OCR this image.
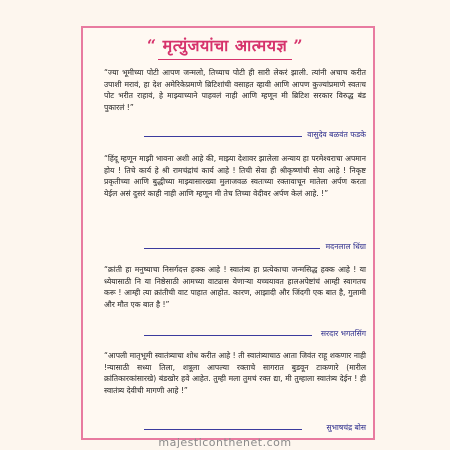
“ मृत्युंजयांचा आत्मयज्ञ ”
“ज्या भूमीच्या पोटी आपण जन्मलो, तिच्याच पोटी ही सारी लेकरं झाली. त्यांनी अचाच करीत उपाशी मरावं, हा देश अमेरिकेप्रमाणे ब्रिटिशांची वसाहत व्हावी आणि आपण कुज्यांप्रमाणे स्वतःच पोट भरीत राहावं, हे माझ्याच्याने पाहवलं नाही आणि म्हणून मी ब्रिटिश सरकार विरुद्ध बंड पुकारलं !”
वासुदेव बळवंत फडके
“हिंदू म्हणून माझी भावना अशी आहे की, माझ्या देशावर झालेला अन्याय हा परमेश्वराचा अपमान होय ! तिचे कार्य हे श्री रामचंद्रांचं कार्य आहे ! तिची सेवा ही श्रीकृष्णांची सेवा आहे ! निकृष्ट प्रकृतीच्या आणि बुद्धीच्या माझ्यासारख्या मुलाजवळ स्वतःच्या रक्तावाचून मातेला अर्पण करता येईल असं दुसरं काही नाही आणि म्हणून मी तेच तिच्या वेदीवर अर्पण केलं आहे. !”
मदनलाल धिंग्रा
“क्रांती हा मनुष्याचा निसर्गदत्त हक्क आहे ! स्वातंत्र्य हा प्रत्येकाचा जन्मसिद्ध हक्क आहे ! या ध्येयासाठी नि या निष्ठेसाठी आमच्या वाट्यास येणाऱ्या यच्चयावत हालअपेष्टांचं आम्ही स्वागतच करू ! आम्ही त्या क्रांतीची वाट पाहात आहोत. कारण, आझादी और जिंदगी एक बात है, गुलामी और मौत एक बात है !”
सरदार भगतसिंग
“आपली मातृभूमी स्वातंत्र्याचा शोध करीत आहे ! ती स्वातंत्र्याचाठ आता जिवंत राहू शकणार नाही !न्यासाठी सध्या तिला, शत्रूला आपल्या रक्ताचे सागरात बुडवून टाकणारे (मारील क्रांतिकारकांसारखे) बंडखोर हवे आहेत. तुम्ही मला तुमचं रक्त द्या, मी तुम्हाला स्वातंत्र्य देईन ! ही स्वातंत्र्य देवीची मागणी आहे !”
सुभाषचंद्र बोस
majesticonthenet.com
